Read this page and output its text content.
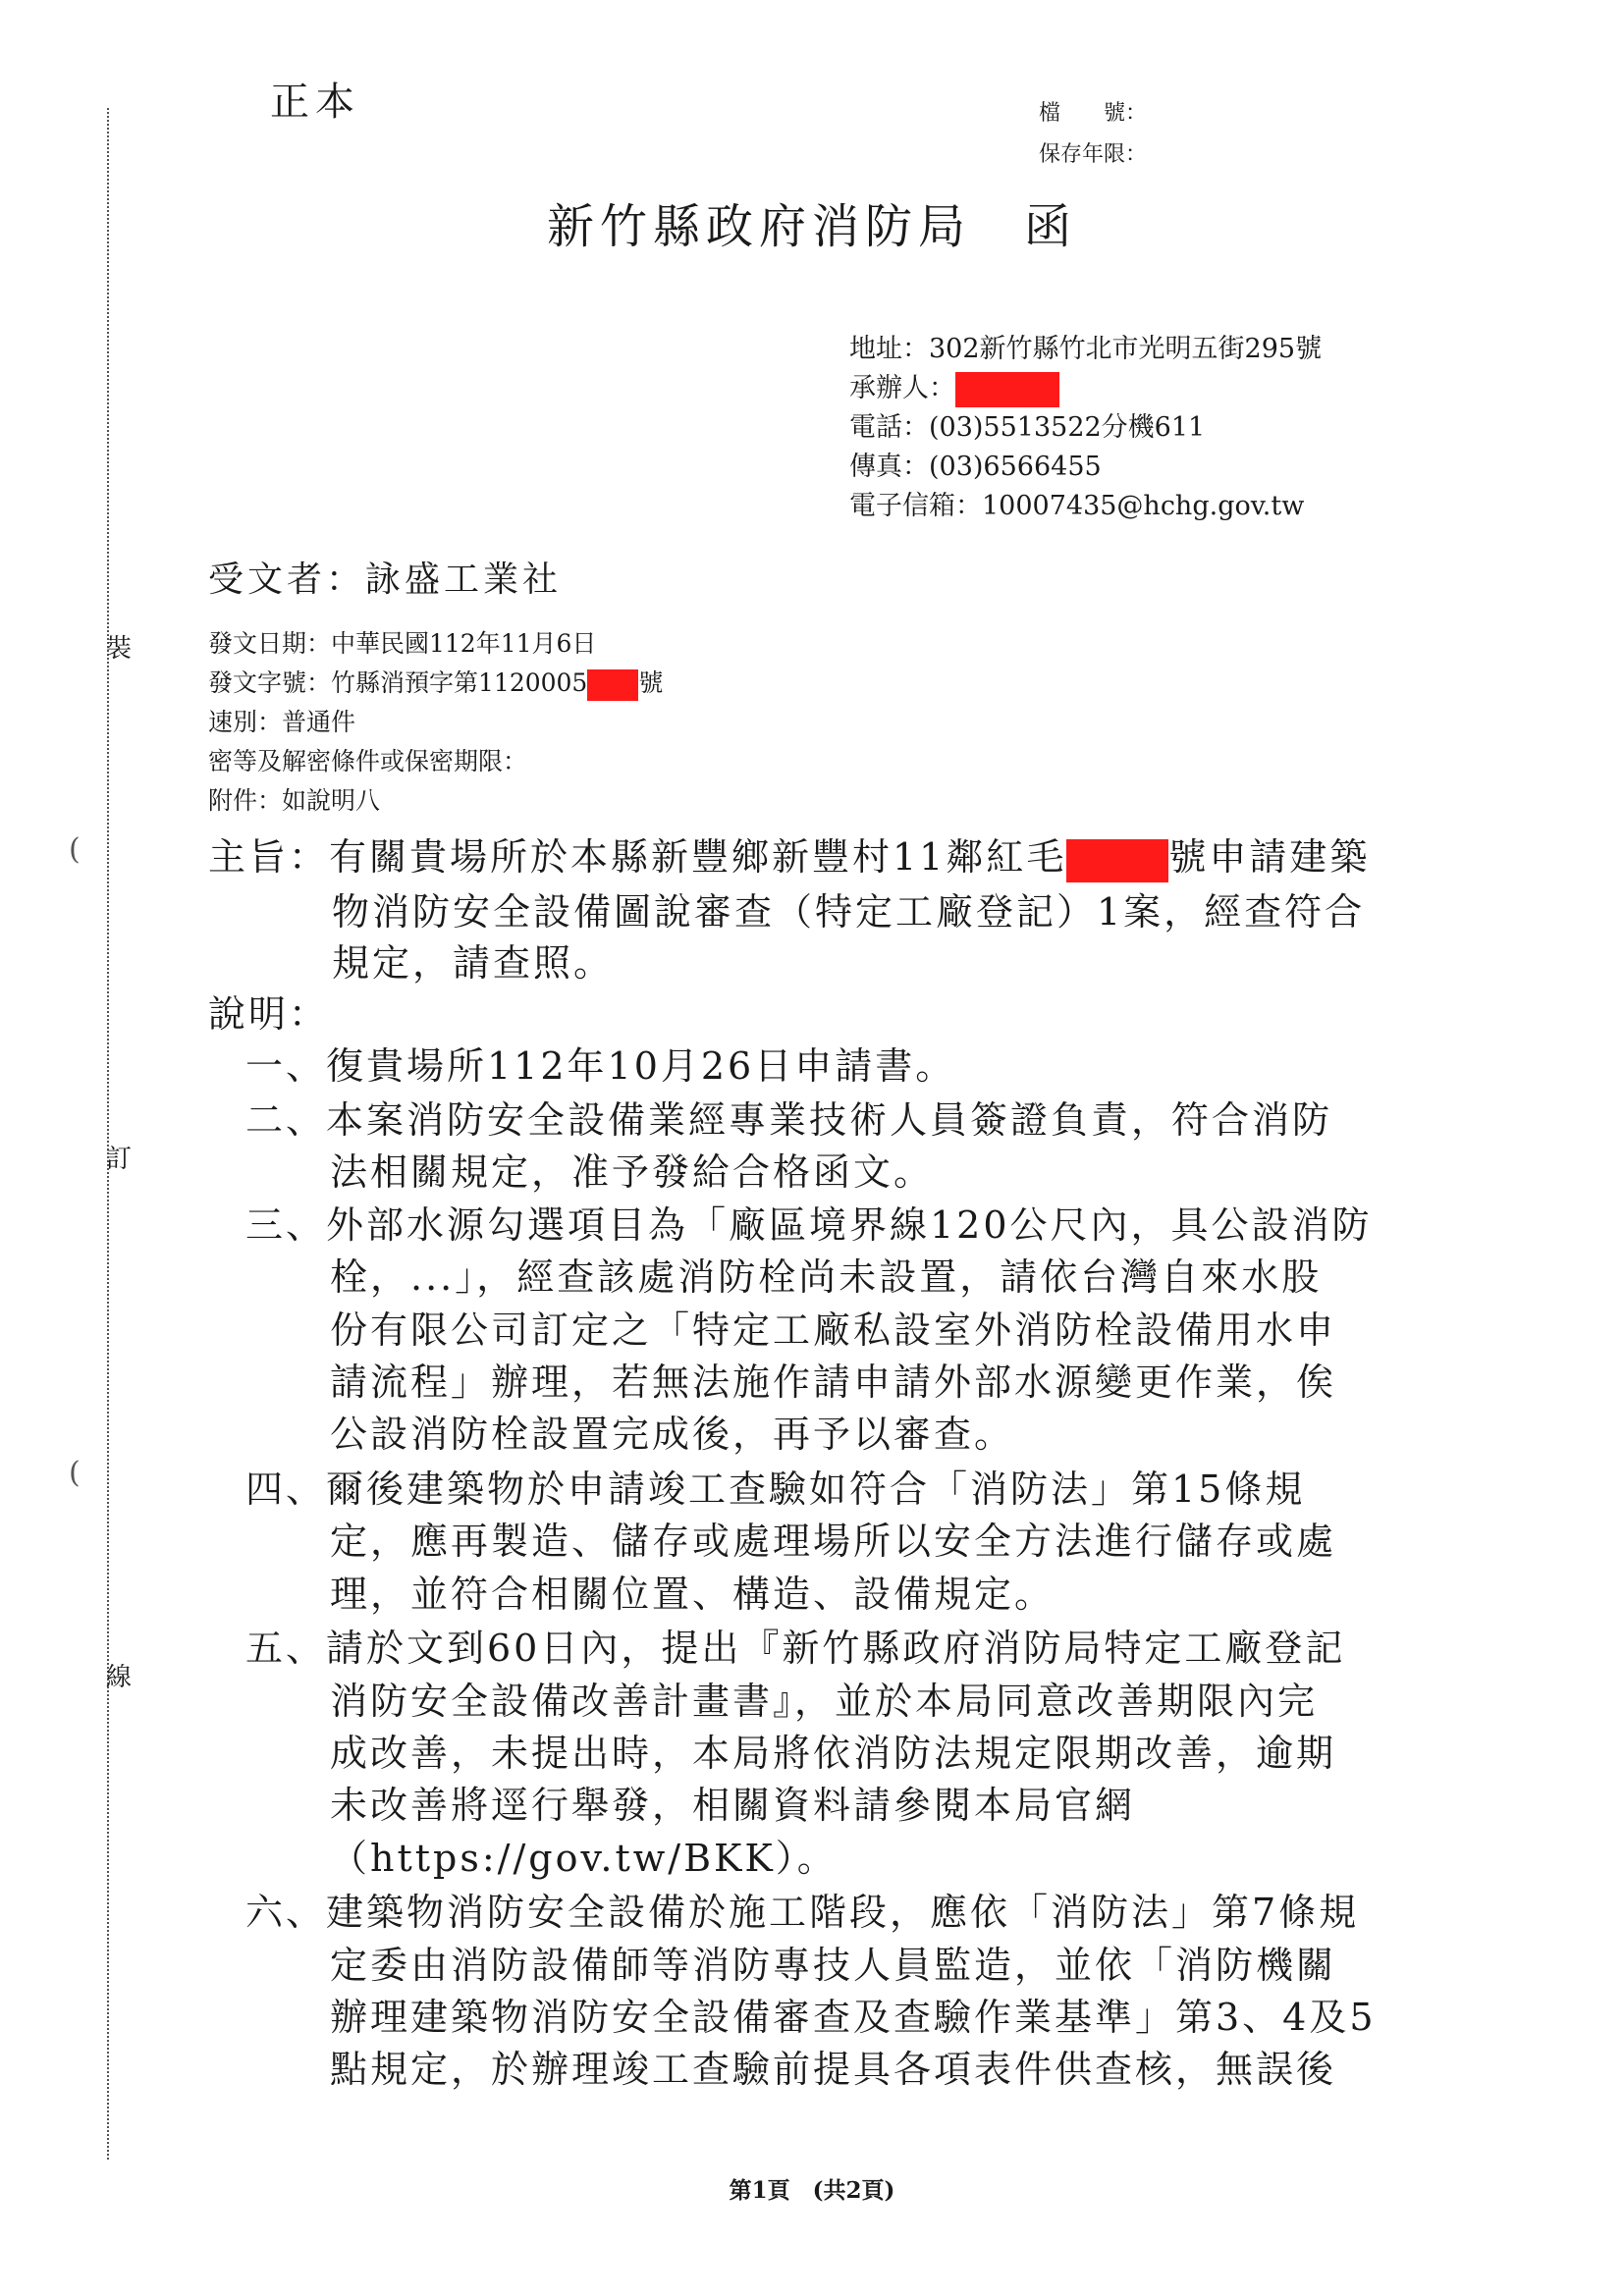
裝
訂
線
(
(
正本	檔　　號：
保存年限：
新竹縣政府消防局　函
地址：302新竹縣竹北市光明五街295號
承辦人：
電話：(03)5513522分機611
傳真：(03)6566455
電子信箱：10007435@hchg.gov.tw
受文者：詠盛工業社
發文日期：中華民國112年11月6日
發文字號：竹縣消預字第1120005 號
速別：普通件
密等及解密條件或保密期限：
附件：如說明八
主旨：有關貴場所於本縣新豐鄉新豐村11鄰紅毛	號申請建築
物消防安全設備圖說審查（特定工廠登記）1案，經查符合
規定，請查照。
說明：
一、復貴場所112年10月26日申請書。
二、本案消防安全設備業經專業技術人員簽證負責，符合消防
法相關規定，准予發給合格函文。
三、外部水源勾選項目為「廠區境界線120公尺內，具公設消防
栓，...」，經查該處消防栓尚未設置，請依台灣自來水股
份有限公司訂定之「特定工廠私設室外消防栓設備用水申
請流程」辦理，若無法施作請申請外部水源變更作業，俟
公設消防栓設置完成後，再予以審查。
四、爾後建築物於申請竣工查驗如符合「消防法」第15條規
定，應再製造、儲存或處理場所以安全方法進行儲存或處
理，並符合相關位置、構造、設備規定。
五、請於文到60日內，提出『新竹縣政府消防局特定工廠登記
消防安全設備改善計畫書』，並於本局同意改善期限內完
成改善，未提出時，本局將依消防法規定限期改善，逾期
未改善將逕行舉發，相關資料請參閱本局官網
（https://gov.tw/BKK）。
六、建築物消防安全設備於施工階段，應依「消防法」第7條規
定委由消防設備師等消防專技人員監造，並依「消防機關
辦理建築物消防安全設備審查及查驗作業基準」第3、4及5
點規定，於辦理竣工查驗前提具各項表件供查核，無誤後
第1頁　(共2頁)
